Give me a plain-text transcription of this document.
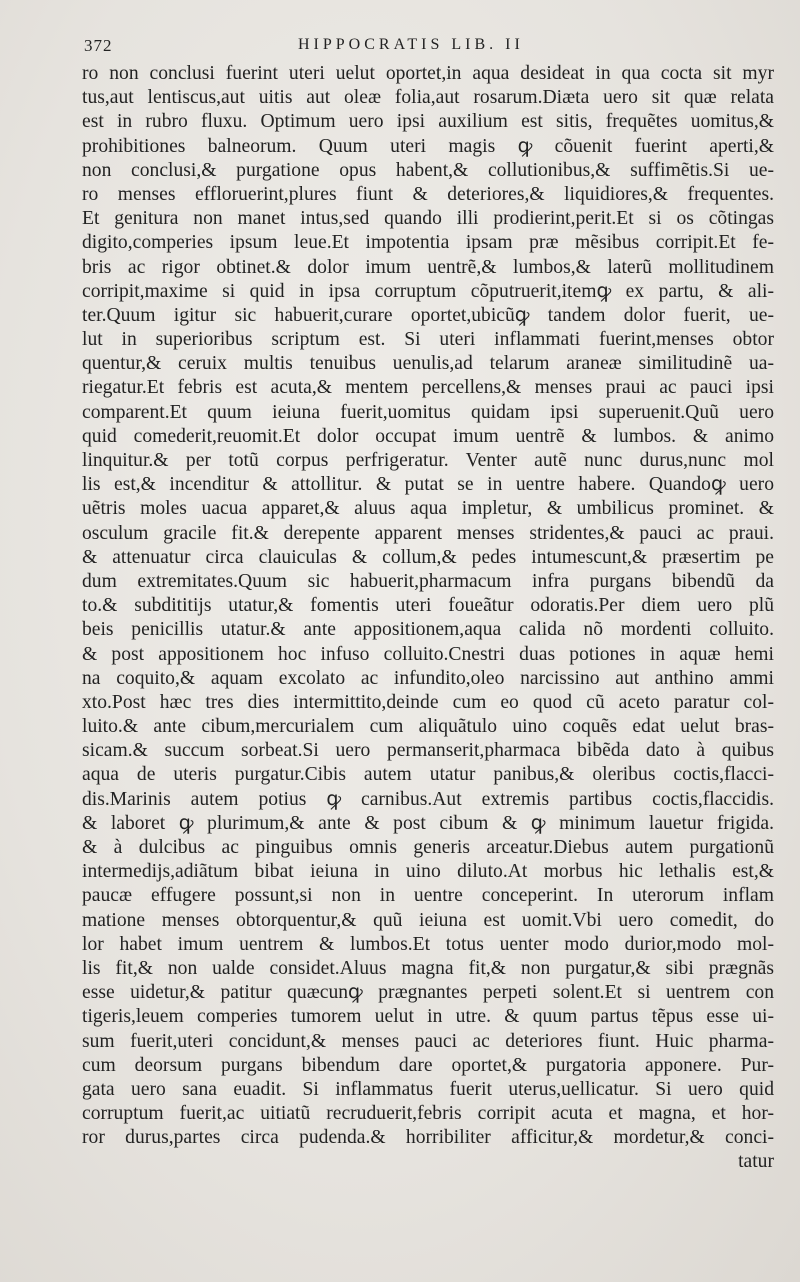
372	HIPPOCRATIS LIB. II
ro non conclusi fuerint uteri uelut oportet,in aqua desideat in qua cocta sit myr
tus,aut lentiscus,aut uitis aut oleæ folia,aut rosarum.Diæta uero sit quæ relata
est in rubro fluxu. Optimum uero ipsi auxilium est sitis, frequẽtes uomitus,&
prohibitiones balneorum. Quum uteri magis ꝙ cõuenit fuerint aperti,&
non conclusi,& purgatione opus habent,& collutionibus,& suffimẽtis.Si ue-
ro menses effloruerint,plures fiunt & deteriores,& liquidiores,& frequentes.
Et genitura non manet intus,sed quando illi prodierint,perit.Et si os cõtingas
digito,comperies ipsum leue.Et impotentia ipsam præ mẽsibus corripit.Et fe-
bris ac rigor obtinet.& dolor imum uentrẽ,& lumbos,& laterũ mollitudinem
corripit,maxime si quid in ipsa corruptum cõputruerit,itemꝙ ex partu, & ali-
ter.Quum igitur sic habuerit,curare oportet,ubicũꝙ tandem dolor fuerit, ue-
lut in superioribus scriptum est. Si uteri inflammati fuerint,menses obtor
quentur,& ceruix multis tenuibus uenulis,ad telarum araneæ similitudinẽ ua-
riegatur.Et febris est acuta,& mentem percellens,& menses praui ac pauci ipsi
comparent.Et quum ieiuna fuerit,uomitus quidam ipsi superuenit.Quũ uero
quid comederit,reuomit.Et dolor occupat imum uentrẽ & lumbos. & animo
linquitur.& per totũ corpus perfrigeratur. Venter autẽ nunc durus,nunc mol
lis est,& incenditur & attollitur. & putat se in uentre habere. Quandoꝙ uero
uẽtris moles uacua apparet,& aluus aqua impletur, & umbilicus prominet. &
osculum gracile fit.& derepente apparent menses stridentes,& pauci ac praui.
& attenuatur circa clauiculas & collum,& pedes intumescunt,& præsertim pe
dum extremitates.Quum sic habuerit,pharmacum infra purgans bibendũ da
to.& subdititijs utatur,& fomentis uteri foueãtur odoratis.Per diem uero plũ
beis penicillis utatur.& ante appositionem,aqua calida nõ mordenti colluito.
& post appositionem hoc infuso colluito.Cnestri duas potiones in aquæ hemi
na coquito,& aquam excolato ac infundito,oleo narcissino aut anthino ammi
xto.Post hæc tres dies intermittito,deinde cum eo quod cũ aceto paratur col-
luito.& ante cibum,mercurialem cum aliquãtulo uino coquẽs edat uelut bras-
sicam.& succum sorbeat.Si uero permanserit,pharmaca bibẽda dato à quibus
aqua de uteris purgatur.Cibis autem utatur panibus,& oleribus coctis,flacci-
dis.Marinis autem potius ꝙ carnibus.Aut extremis partibus coctis,flaccidis.
& laboret ꝙ plurimum,& ante & post cibum & ꝙ minimum lauetur frigida.
& à dulcibus ac pinguibus omnis generis arceatur.Diebus autem purgationũ
intermedijs,adiãtum bibat ieiuna in uino diluto.At morbus hic lethalis est,&
paucæ effugere possunt,si non in uentre conceperint. In uterorum inflam
matione menses obtorquentur,& quũ ieiuna est uomit.Vbi uero comedit, do
lor habet imum uentrem & lumbos.Et totus uenter modo durior,modo mol-
lis fit,& non ualde considet.Aluus magna fit,& non purgatur,& sibi prægnãs
esse uidetur,& patitur quæcunꝙ prægnantes perpeti solent.Et si uentrem con
tigeris,leuem comperies tumorem uelut in utre. & quum partus tẽpus esse ui-
sum fuerit,uteri concidunt,& menses pauci ac deteriores fiunt. Huic pharma-
cum deorsum purgans bibendum dare oportet,& purgatoria apponere. Pur-
gata uero sana euadit. Si inflammatus fuerit uterus,uellicatur. Si uero quid
corruptum fuerit,ac uitiatũ recruduerit,febris corripit acuta et magna, et hor-
ror durus,partes circa pudenda.& horribiliter afficitur,& mordetur,& conci-
tatur
